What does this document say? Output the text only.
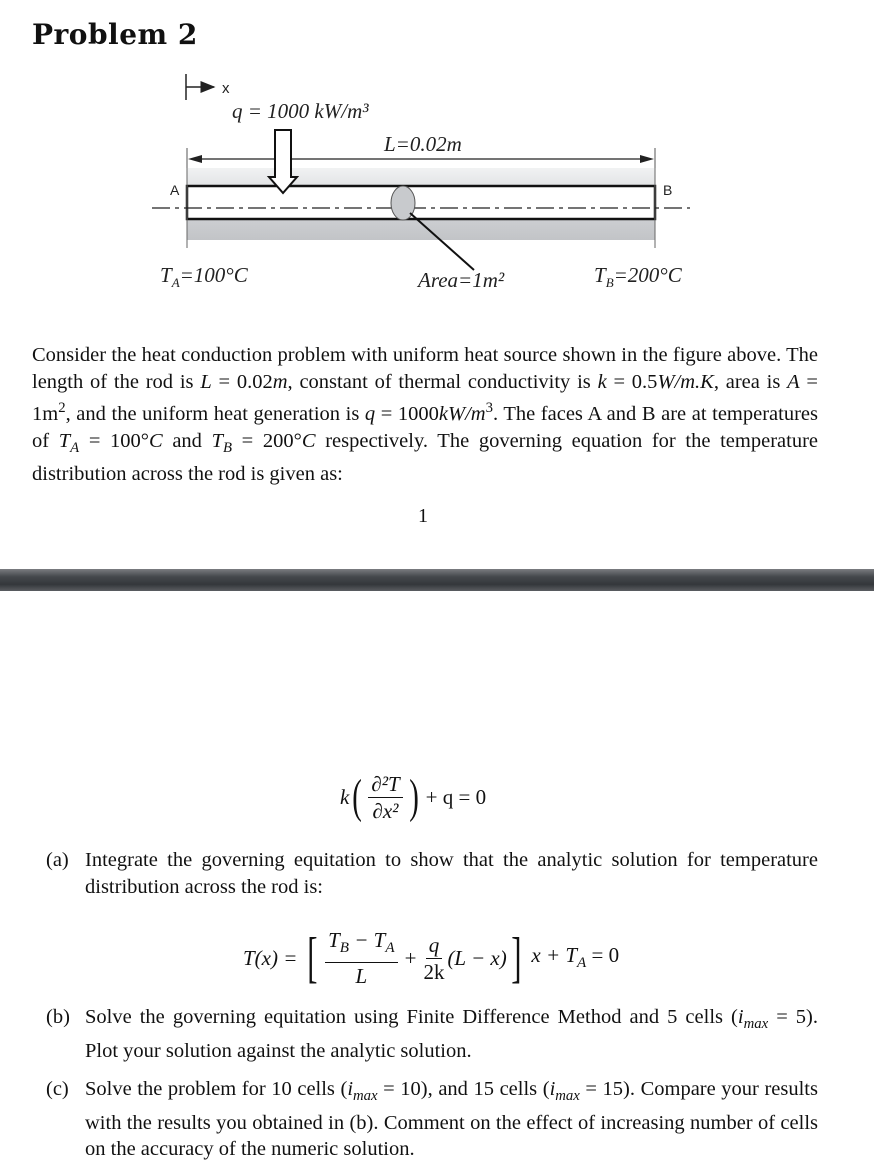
Problem 2
x
q = 1000 kW/m³
L=0.02m
A	B
$T_A=100^\circ C$	Area=1m²	$T_B=200^\circ C$
Consider the heat conduction problem with uniform heat source shown in the figure above. The length of the rod is L = 0.02m, constant of thermal conductivity is k = 0.5W/m.K, area is $A = 1m^2$, and the uniform heat generation is $q = 1000kW/m^3$. The faces A and B are at temperatures of $T_A = 100^\circ C$ and $T_B = 200^\circ C$ respectively. The governing equation for the temperature distribution across the rod is given as:
1
k ( $\frac{\text{∂²T}}{\text{∂x²}}$ ) + q = 0
(a) Integrate the governing equitation to show that the analytic solution for temperature distribution across the rod is:
T(x) = [ $\frac{T_B - T_A}{L} + \frac{q}{2k} (L - x)$ ] $x + T_A = 0$
(b) Solve the governing equitation using Finite Difference Method and 5 cells $(i_{max} = 5)$. Plot your solution against the analytic solution.
(c) Solve the problem for 10 cells $(i_{max} = 10)$, and 15 cells $(i_{max} = 15)$. Compare your results with the results you obtained in (b). Comment on the effect of increasing number of cells on the accuracy of the numeric solution.
